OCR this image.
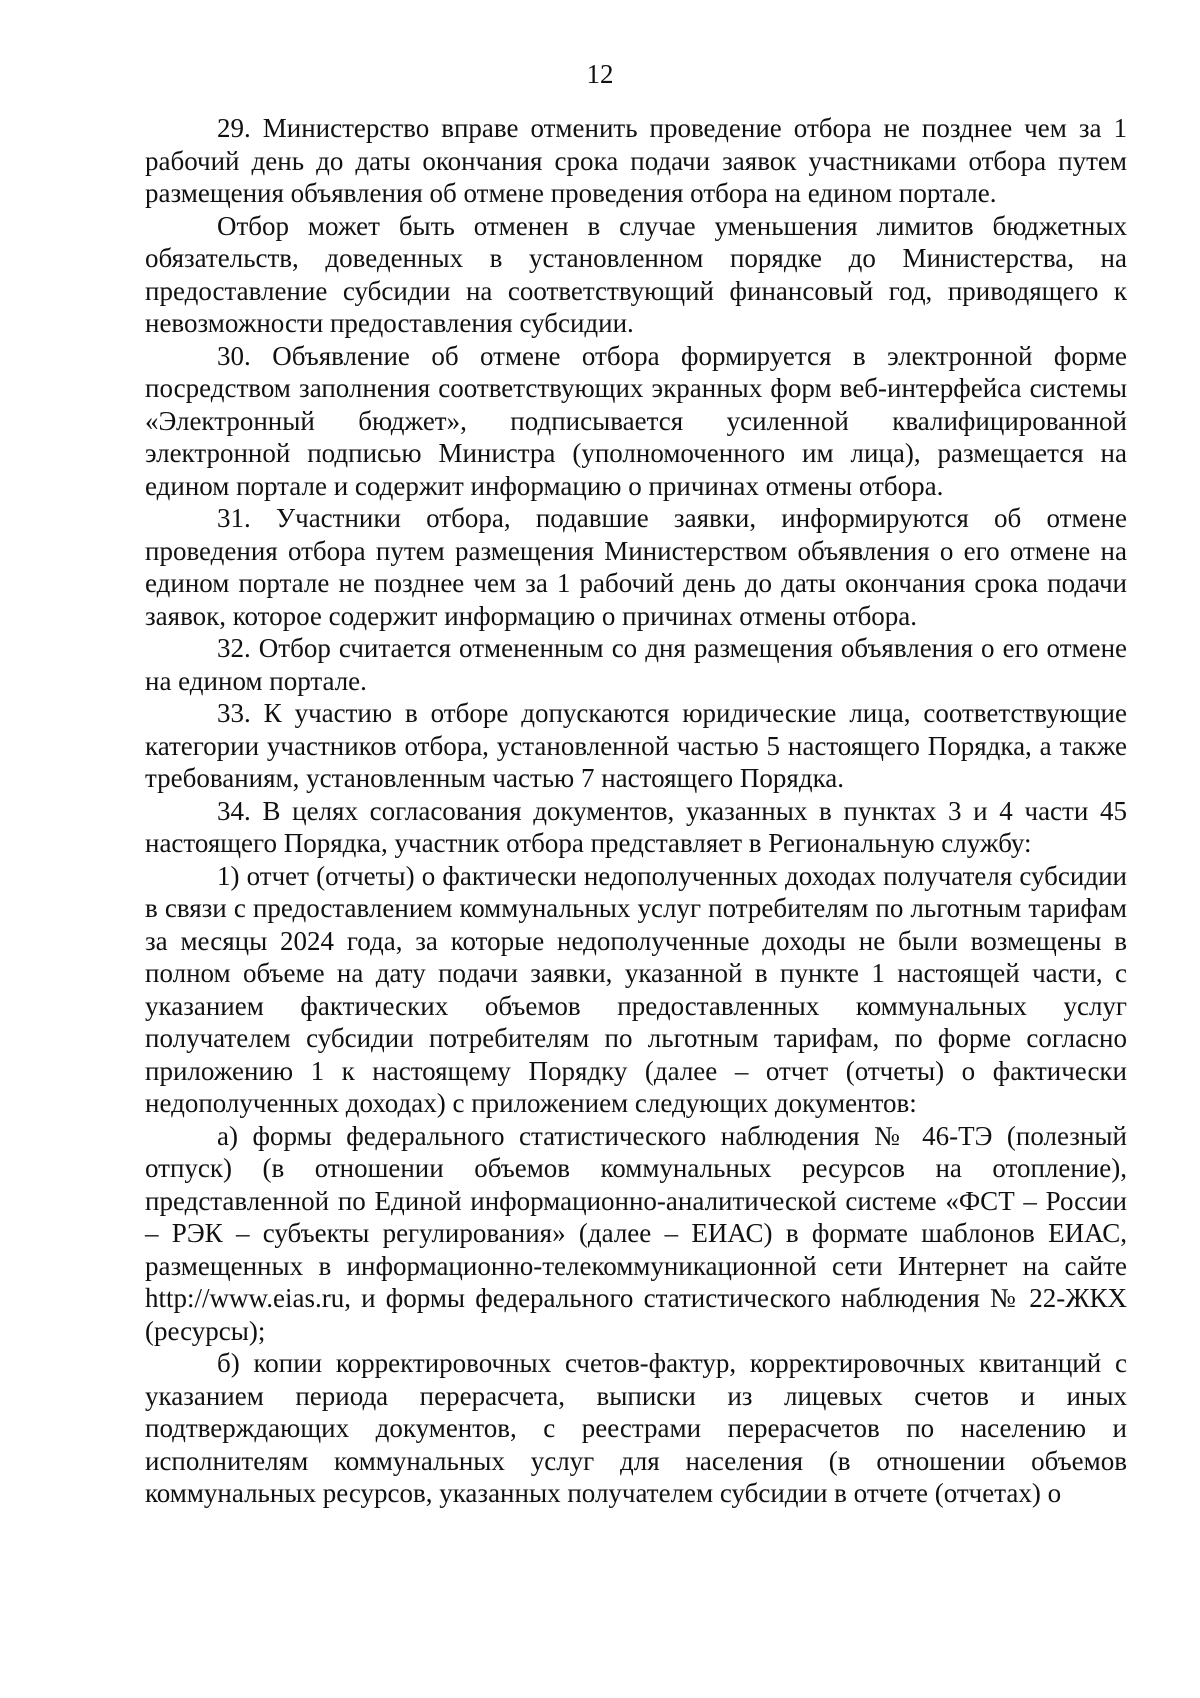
12

29. Министерство вправе отменить проведение отбора не позднее чем за 1 рабочий день до даты окончания срока подачи заявок участниками отбора путем размещения объявления об отмене проведения отбора на едином портале.

Отбор может быть отменен в случае уменьшения лимитов бюджетных обязательств, доведенных в установленном порядке до Министерства, на предоставление субсидии на соответствующий финансовый год, приводящего к невозможности предоставления субсидии.

30. Объявление об отмене отбора формируется в электронной форме посредством заполнения соответствующих экранных форм веб-интерфейса системы «Электронный бюджет», подписывается усиленной квалифицированной электронной подписью Министра (уполномоченного им лица), размещается на едином портале и содержит информацию о причинах отмены отбора.

31. Участники отбора, подавшие заявки, информируются об отмене проведения отбора путем размещения Министерством объявления о его отмене на едином портале не позднее чем за 1 рабочий день до даты окончания срока подачи заявок, которое содержит информацию о причинах отмены отбора.

32. Отбор считается отмененным со дня размещения объявления о его отмене на едином портале.

33. К участию в отборе допускаются юридические лица, соответствующие категории участников отбора, установленной частью 5 настоящего Порядка, а также требованиям, установленным частью 7 настоящего Порядка.

34. В целях согласования документов, указанных в пунктах 3 и 4 части 45 настоящего Порядка, участник отбора представляет в Региональную службу:

1) отчет (отчеты) о фактически недополученных доходах получателя субсидии в связи с предоставлением коммунальных услуг потребителям по льготным тарифам за месяцы 2024 года, за которые недополученные доходы не были возмещены в полном объеме на дату подачи заявки, указанной в пункте 1 настоящей части, с указанием фактических объемов предоставленных коммунальных услуг получателем субсидии потребителям по льготным тарифам, по форме согласно приложению 1 к настоящему Порядку (далее – отчет (отчеты) о фактически недополученных доходах) с приложением следующих документов:

а) формы федерального статистического наблюдения № 46-ТЭ (полезный отпуск) (в отношении объемов коммунальных ресурсов на отопление), представленной по Единой информационно-аналитической системе «ФСТ – России – РЭК – субъекты регулирования» (далее – ЕИАС) в формате шаблонов ЕИАС, размещенных в информационно-телекоммуникационной сети Интернет на сайте http://www.eias.ru, и формы федерального статистического наблюдения № 22-ЖКХ (ресурсы);

б) копии корректировочных счетов-фактур, корректировочных квитанций с указанием периода перерасчета, выписки из лицевых счетов и иных подтверждающих документов, с реестрами перерасчетов по населению и исполнителям коммунальных услуг для населения (в отношении объемов коммунальных ресурсов, указанных получателем субсидии в отчете (отчетах) о
